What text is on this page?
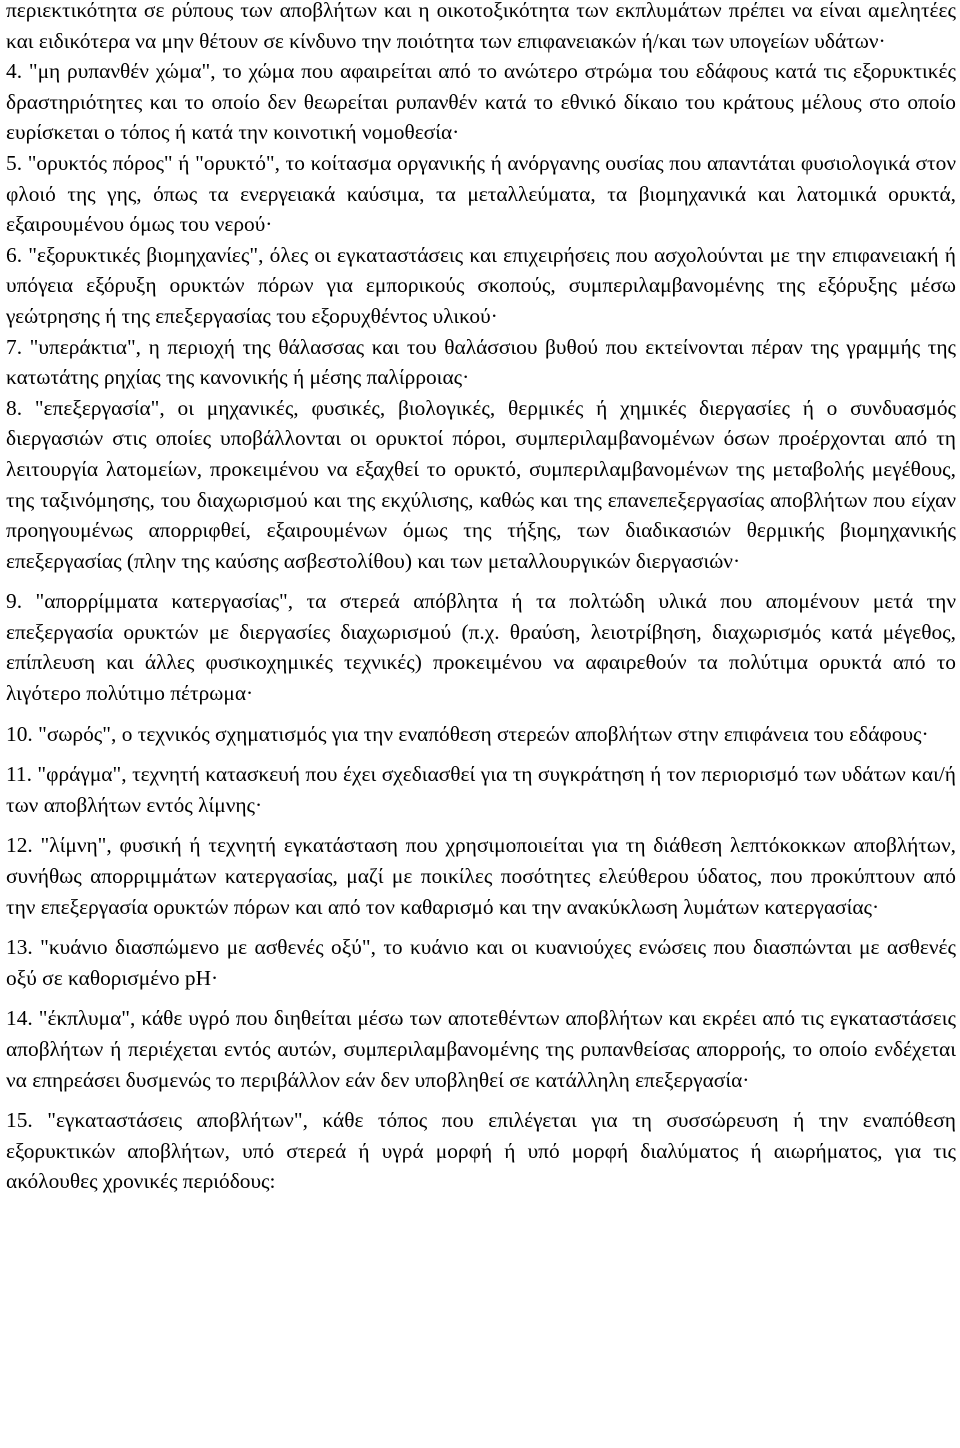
περιεκτικότητα σε ρύπους των αποβλήτων και η οικοτοξικότητα των εκπλυμάτων πρέπει να είναι αμελητέες και ειδικότερα να μην θέτουν σε κίνδυνο την ποιότητα των επιφανειακών ή/και των υπογείων υδάτων·

4. "μη ρυπανθέν χώμα", το χώμα που αφαιρείται από το ανώτερο στρώμα του εδάφους κατά τις εξορυκτικές δραστηριότητες και το οποίο δεν θεωρείται ρυπανθέν κατά το εθνικό δίκαιο του κράτους μέλους στο οποίο ευρίσκεται ο τόπος ή κατά την κοινοτική νομοθεσία·

5. "ορυκτός πόρος" ή "ορυκτό", το κοίτασμα οργανικής ή ανόργανης ουσίας που απαντάται φυσιολογικά στον φλοιό της γης, όπως τα ενεργειακά καύσιμα, τα μεταλλεύματα, τα βιομηχανικά και λατομικά ορυκτά, εξαιρουμένου όμως του νερού·

6. "εξορυκτικές βιομηχανίες", όλες οι εγκαταστάσεις και επιχειρήσεις που ασχολούνται με την επιφανειακή ή υπόγεια εξόρυξη ορυκτών πόρων για εμπορικούς σκοπούς, συμπεριλαμβανομένης της εξόρυξης μέσω γεώτρησης ή της επεξεργασίας του εξορυχθέντος υλικού·

7. "υπεράκτια", η περιοχή της θάλασσας και του θαλάσσιου βυθού που εκτείνονται πέραν της γραμμής της κατωτάτης ρηχίας της κανονικής ή μέσης παλίρροιας·

8. "επεξεργασία", οι μηχανικές, φυσικές, βιολογικές, θερμικές ή χημικές διεργασίες ή ο συνδυασμός διεργασιών στις οποίες υποβάλλονται οι ορυκτοί πόροι, συμπεριλαμβανομένων όσων προέρχονται από τη λειτουργία λατομείων, προκειμένου να εξαχθεί το ορυκτό, συμπεριλαμβανομένων της μεταβολής μεγέθους, της ταξινόμησης, του διαχωρισμού και της εκχύλισης, καθώς και της επανεπεξεργασίας αποβλήτων που είχαν προηγουμένως απορριφθεί, εξαιρουμένων όμως της τήξης, των διαδικασιών θερμικής βιομηχανικής επεξεργασίας (πλην της καύσης ασβεστολίθου) και των μεταλλουργικών διεργασιών·

9. "απορρίμματα κατεργασίας", τα στερεά απόβλητα ή τα πολτώδη υλικά που απομένουν μετά την επεξεργασία ορυκτών με διεργασίες διαχωρισμού (π.χ. θραύση, λειοτρίβηση, διαχωρισμός κατά μέγεθος, επίπλευση και άλλες φυσικοχημικές τεχνικές) προκειμένου να αφαιρεθούν τα πολύτιμα ορυκτά από το λιγότερο πολύτιμο πέτρωμα·

10. "σωρός", ο τεχνικός σχηματισμός για την εναπόθεση στερεών αποβλήτων στην επιφάνεια του εδάφους·

11. "φράγμα", τεχνητή κατασκευή που έχει σχεδιασθεί για τη συγκράτηση ή τον περιορισμό των υδάτων και/ή των αποβλήτων εντός λίμνης·

12. "λίμνη", φυσική ή τεχνητή εγκατάσταση που χρησιμοποιείται για τη διάθεση λεπτόκοκκων αποβλήτων, συνήθως απορριμμάτων κατεργασίας, μαζί με ποικίλες ποσότητες ελεύθερου ύδατος, που προκύπτουν από την επεξεργασία ορυκτών πόρων και από τον καθαρισμό και την ανακύκλωση λυμάτων κατεργασίας·

13. "κυάνιο διασπώμενο με ασθενές οξύ", το κυάνιο και οι κυανιούχες ενώσεις που διασπώνται με ασθενές οξύ σε καθορισμένο pH·

14. "έκπλυμα", κάθε υγρό που διηθείται μέσω των αποτεθέντων αποβλήτων και εκρέει από τις εγκαταστάσεις αποβλήτων ή περιέχεται εντός αυτών, συμπεριλαμβανομένης της ρυπανθείσας απορροής, το οποίο ενδέχεται να επηρεάσει δυσμενώς το περιβάλλον εάν δεν υποβληθεί σε κατάλληλη επεξεργασία·

15. "εγκαταστάσεις αποβλήτων", κάθε τόπος που επιλέγεται για τη συσσώρευση ή την εναπόθεση εξορυκτικών αποβλήτων, υπό στερεά ή υγρά μορφή ή υπό μορφή διαλύματος ή αιωρήματος, για τις ακόλουθες χρονικές περιόδους:
